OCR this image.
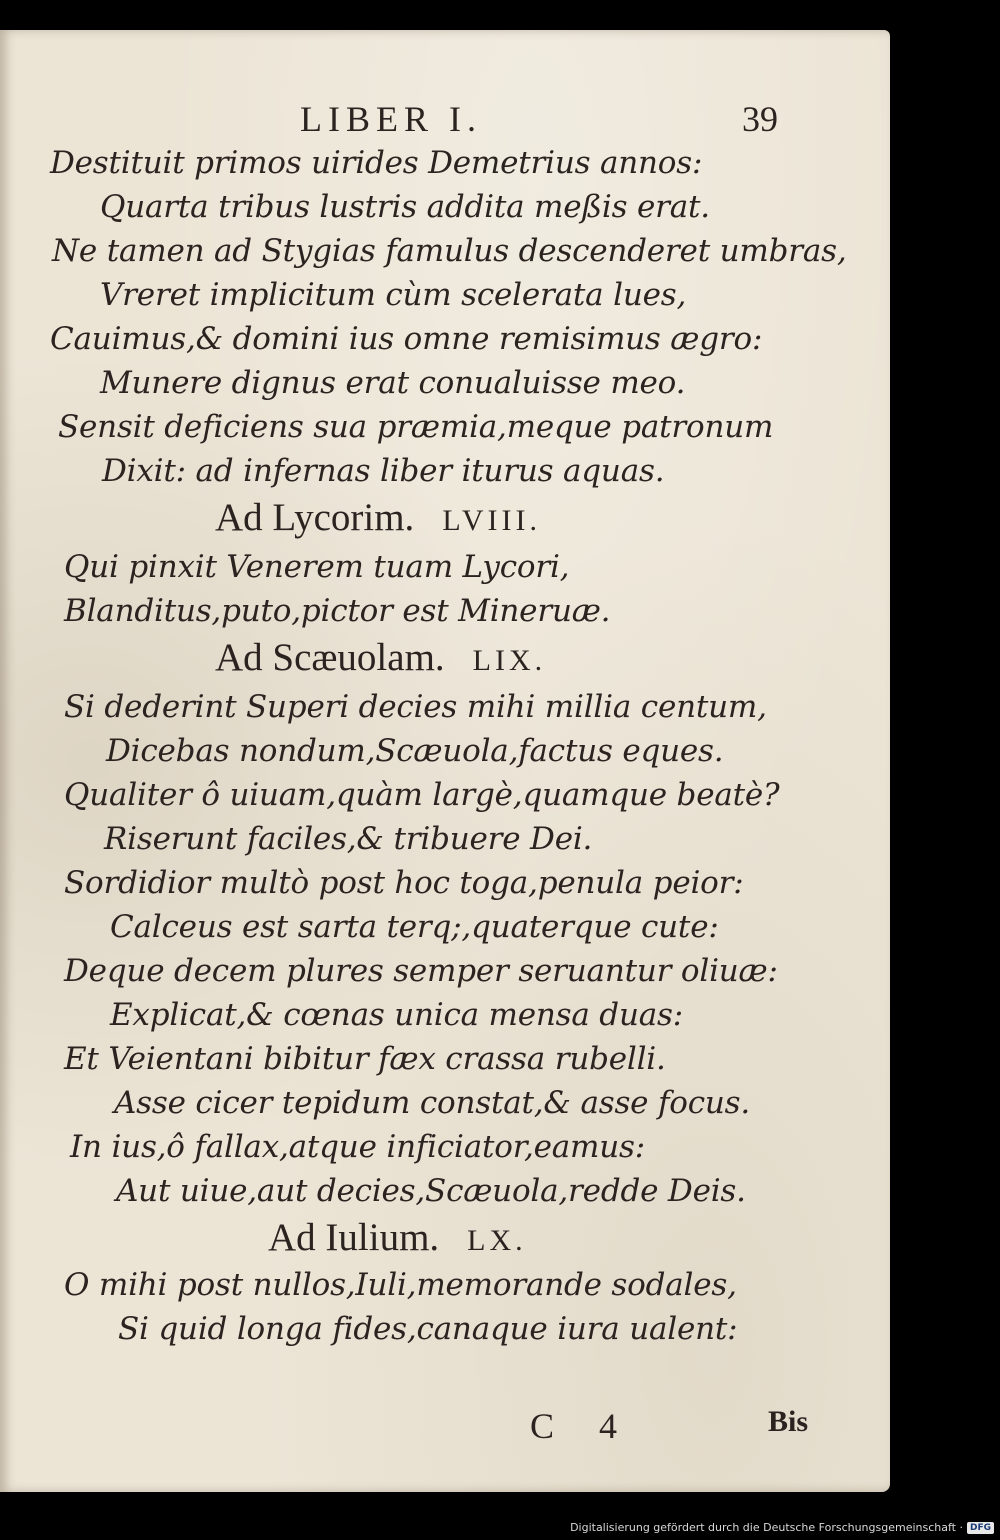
LIBER I.	39
Destituit primos uirides Demetrius annos:
Quarta tribus lustris addita meßis erat.
Ne tamen ad Stygias famulus descenderet umbras,
Vreret implicitum cùm scelerata lues,
Cauimus,& domini ius omne remisimus ægro:
Munere dignus erat conualuisse meo.
Sensit deficiens sua præmia,meque patronum
Dixit: ad infernas liber iturus aquas.
Ad Lycorim. LVIII.
Qui pinxit Venerem tuam Lycori,
Blanditus,puto,pictor est Mineruæ.
Ad Scæuolam. LIX.
Si dederint Superi decies mihi millia centum,
Dicebas nondum,Scæuola,factus eques.
Qualiter ô uiuam,quàm largè,quamque beatè?
Riserunt faciles,& tribuere Dei.
Sordidior multò post hoc toga,penula peior:
Calceus est sarta terq;,quaterque cute:
Deque decem plures semper seruantur oliuæ:
Explicat,& cœnas unica mensa duas:
Et Veientani bibitur fæx crassa rubelli.
Asse cicer tepidum constat,& asse focus.
In ius,ô fallax,atque inficiator,eamus:
Aut uiue,aut decies,Scæuola,redde Deis.
Ad Iulium. LX.
O mihi post nullos,Iuli,memorande sodales,
Si quid longa fides,canaque iura ualent:
C 4	Bis
Digitalisierung gefördert durch die Deutsche Forschungsgemeinschaft · DFG
